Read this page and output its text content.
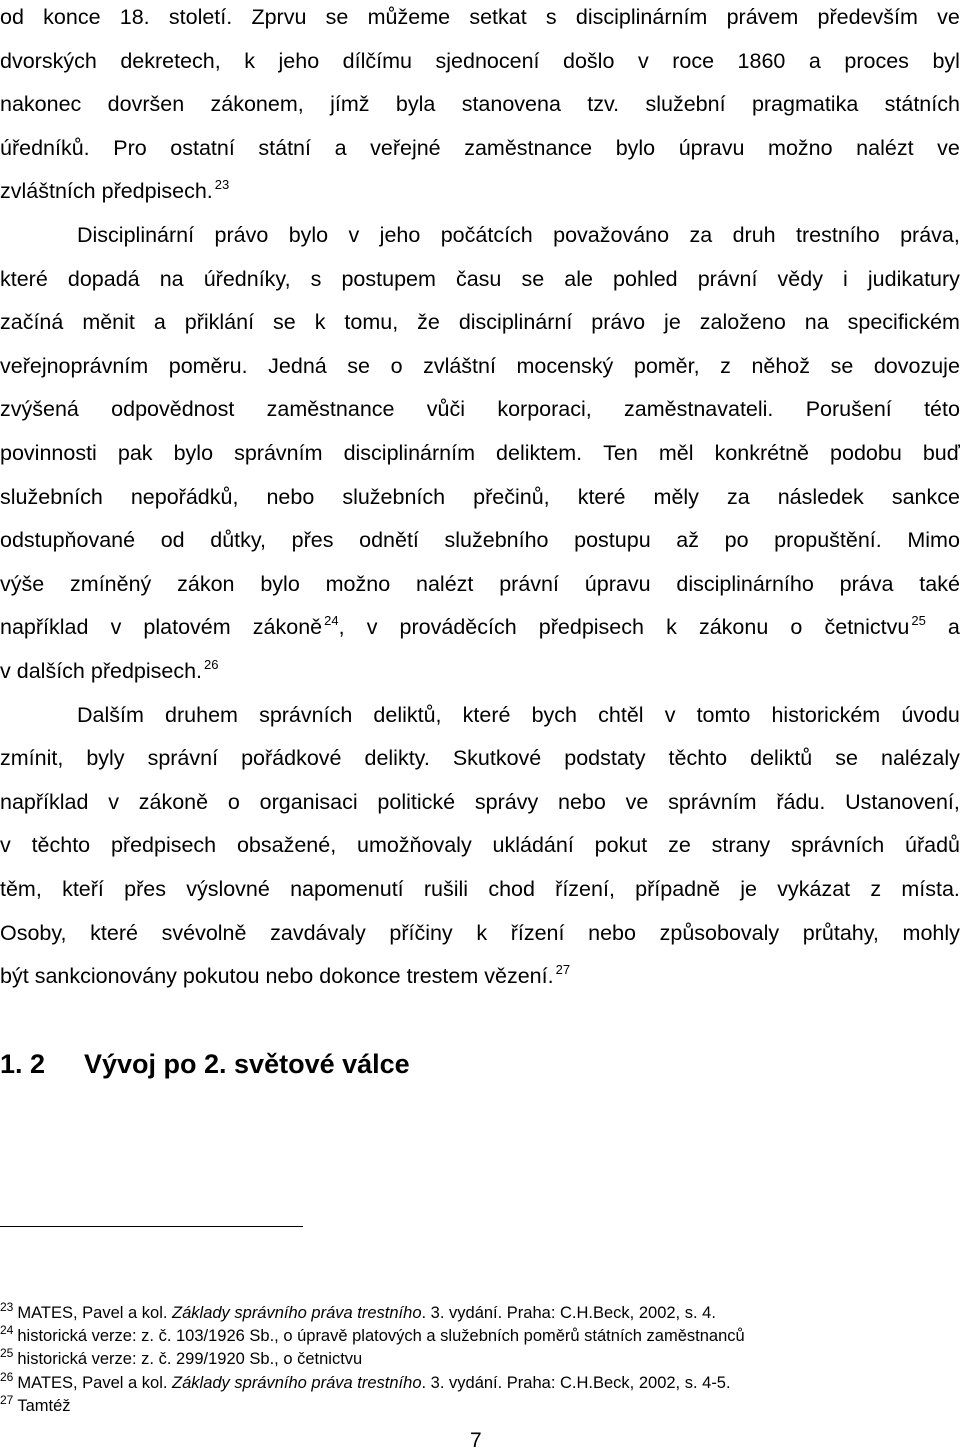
od konce 18. století. Zprvu se můžeme setkat s disciplinárním právem především ve
dvorských dekretech, k jeho dílčímu sjednocení došlo v roce 1860 a proces byl
nakonec dovršen zákonem, jímž byla stanovena tzv. služební pragmatika státních
úředníků. Pro ostatní státní a veřejné zaměstnance bylo úpravu možno nalézt ve
zvláštních předpisech. $^{23}$
Disciplinární právo bylo v jeho počátcích považováno za druh trestního práva,
které dopadá na úředníky, s postupem času se ale pohled právní vědy i judikatury
začíná měnit a přiklání se k tomu, že disciplinární právo je založeno na specifickém
veřejnoprávním poměru. Jedná se o zvláštní mocenský poměr, z něhož se dovozuje
zvýšená odpovědnost zaměstnance vůči korporaci, zaměstnavateli. Porušení této
povinnosti pak bylo správním disciplinárním deliktem. Ten měl konkrétně podobu buď
služebních nepořádků, nebo služebních přečinů, které měly za následek sankce
odstupňované od důtky, přes odnětí služebního postupu až po propuštění. Mimo
výše zmíněný zákon bylo možno nalézt právní úpravu disciplinárního práva také
například v platovém zákoně $^{24}$, v prováděcích předpisech k zákonu o četnictvu $^{25}$ a
v dalších předpisech. $^{26}$
Dalším druhem správních deliktů, které bych chtěl v tomto historickém úvodu
zmínit, byly správní pořádkové delikty. Skutkové podstaty těchto deliktů se nalézaly
například v zákoně o organisaci politické správy nebo ve správním řádu. Ustanovení,
v těchto předpisech obsažené, umožňovaly ukládání pokut ze strany správních úřadů
těm, kteří přes výslovné napomenutí rušili chod řízení, případně je vykázat z místa.
Osoby, které svévolně zavdávaly příčiny k řízení nebo způsobovaly průtahy, mohly
být sankcionovány pokutou nebo dokonce trestem vězení. $^{27}$
1. 2 Vývoj po 2. světové válce
$^{23}$ MATES, Pavel a kol. Základy správního práva trestního. 3. vydání. Praha: C.H.Beck, 2002, s. 4.
$^{24}$ historická verze: z. č. 103/1926 Sb., o úpravě platových a služebních poměrů státních zaměstnanců
$^{25}$ historická verze: z. č. 299/1920 Sb., o četnictvu
$^{26}$ MATES, Pavel a kol. Základy správního práva trestního. 3. vydání. Praha: C.H.Beck, 2002, s. 4-5.
$^{27}$ Tamtéž
7
